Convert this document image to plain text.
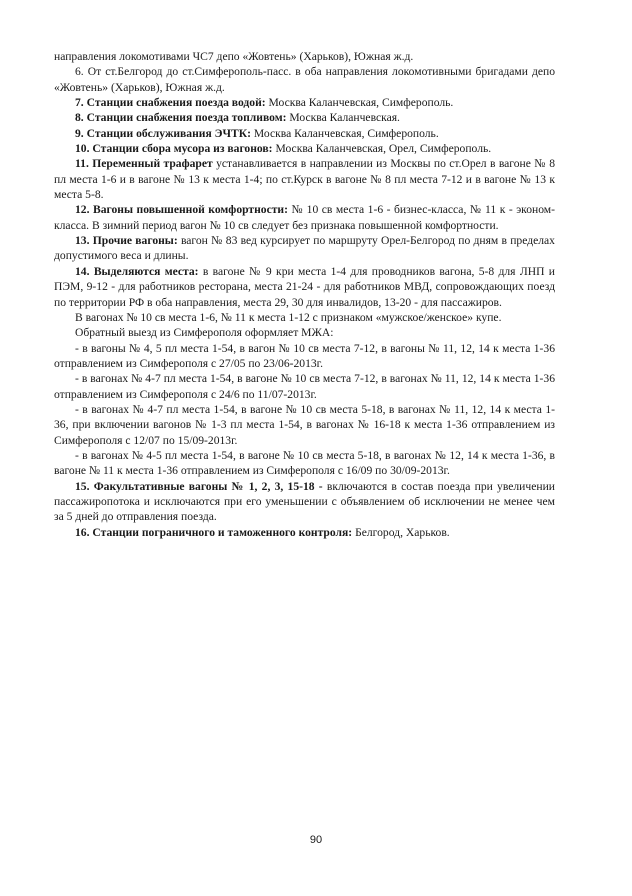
направления локомотивами ЧС7 депо «Жовтень» (Харьков), Южная ж.д.

6. От ст.Белгород до ст.Симферополь-пасс. в оба направления локомотивными бригадами депо «Жовтень» (Харьков), Южная ж.д.

7. Станции снабжения поезда водой: Москва Каланчевская, Симферополь.

8. Станции снабжения поезда топливом: Москва Каланчевская.

9. Станции обслуживания ЭЧТК: Москва Каланчевская, Симферополь.

10. Станции сбора мусора из вагонов: Москва Каланчевская, Орел, Симферополь.

11. Переменный трафарет устанавливается в направлении из Москвы по ст.Орел в вагоне № 8 пл места 1-6 и в вагоне № 13 к места 1-4; по ст.Курск в вагоне № 8 пл места 7-12 и в вагоне № 13 к места 5-8.

12. Вагоны повышенной комфортности: № 10 св места 1-6 - бизнес-класса, № 11 к - эконом-класса. В зимний период вагон № 10 св следует без признака повышенной комфортности.

13. Прочие вагоны: вагон № 83 вед курсирует по маршруту Орел-Белгород по дням в пределах допустимого веса и длины.

14. Выделяются места: в вагоне № 9 кри места 1-4 для проводников вагона, 5-8 для ЛНП и ПЭМ, 9-12 - для работников ресторана, места 21-24 - для работников МВД, сопровождающих поезд по территории РФ в оба направления, места 29, 30 для инвалидов, 13-20 - для пассажиров.

В вагонах № 10 св места 1-6, № 11 к места 1-12 с признаком «мужское/женское» купе.

Обратный выезд из Симферополя оформляет МЖА:

- в вагоны № 4, 5 пл места 1-54, в вагон № 10 св места 7-12, в вагоны № 11, 12, 14 к места 1-36 отправлением из Симферополя с 27/05 по 23/06-2013г.

- в вагонах № 4-7 пл места 1-54, в вагоне № 10 св места 7-12, в вагонах № 11, 12, 14 к места 1-36 отправлением из Симферополя с 24/6 по 11/07-2013г.

- в вагонах № 4-7 пл места 1-54, в вагоне № 10 св места 5-18, в вагонах № 11, 12, 14 к места 1-36, при включении вагонов № 1-3 пл места 1-54, в вагонах № 16-18 к места 1-36 отправлением из Симферополя с 12/07 по 15/09-2013г.

- в вагонах № 4-5 пл места 1-54, в вагоне № 10 св места 5-18, в вагонах № 12, 14 к места 1-36, в вагоне № 11 к места 1-36 отправлением из Симферополя с 16/09 по 30/09-2013г.

15. Факультативные вагоны № 1, 2, 3, 15-18 - включаются в состав поезда при увеличении пассажиропотока и исключаются при его уменьшении с объявлением об исключении не менее чем за 5 дней до отправления поезда.

16. Станции пограничного и таможенного контроля: Белгород, Харьков.

90
